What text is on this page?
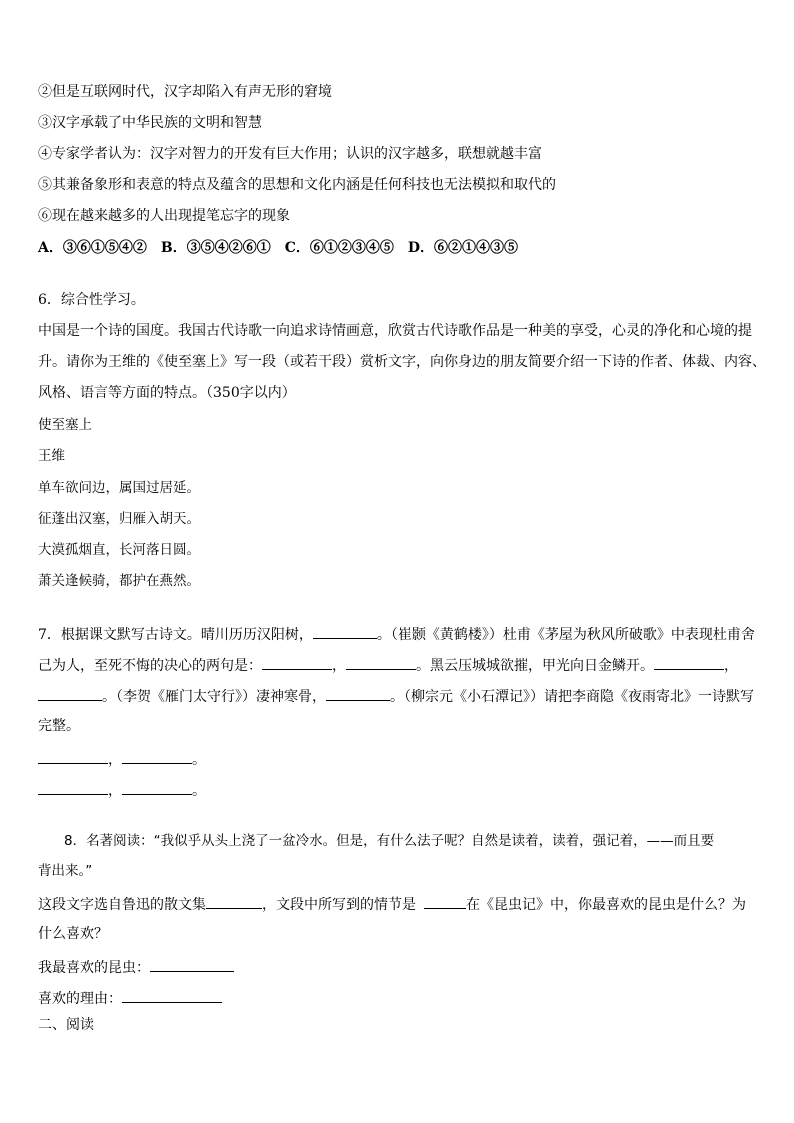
②但是互联网时代，汉字却陷入有声无形的窘境
③汉字承载了中华民族的文明和智慧
④专家学者认为：汉字对智力的开发有巨大作用；认识的汉字越多，联想就越丰富
⑤其兼备象形和表意的特点及蕴含的思想和文化内涵是任何科技也无法模拟和取代的
⑥现在越来越多的人出现提笔忘字的现象
A．③⑥①⑤④②　B．③⑤④②⑥①　C．⑥①②③④⑤　D．⑥②①④③⑤
6．综合性学习。
中国是一个诗的国度。我国古代诗歌一向追求诗情画意，欣赏古代诗歌作品是一种美的享受，心灵的净化和心境的提
升。请你为王维的《使至塞上》写一段（或若干段）赏析文字，向你身边的朋友简要介绍一下诗的作者、体裁、内容、
风格、语言等方面的特点。（350字以内）
使至塞上
王维
单车欲问边，属国过居延。
征蓬出汉塞，归雁入胡天。
大漠孤烟直，长河落日圆。
萧关逢候骑，都护在燕然。
7．根据课文默写古诗文。晴川历历汉阳树，	。（崔颢《黄鹤楼》）杜甫《茅屋为秋风所破歌》中表现杜甫舍
己为人，至死不悔的决心的两句是：	，	。黑云压城城欲摧，甲光向日金鳞开。	，
。（李贺《雁门太守行》）凄神寒骨，	。（柳宗元《小石潭记》）请把李商隐《夜雨寄北》一诗默写
完整。
，	。
，	。
8．名著阅读：“我似乎从头上浇了一盆冷水。但是，有什么法子呢？自然是读着，读着，强记着，——而且要
背出来。”
这段文字选自鲁迅的散文集	，文段中所写到的情节是	在《昆虫记》中，你最喜欢的昆虫是什么？为
什么喜欢？
我最喜欢的昆虫：
喜欢的理由：
二、阅读
